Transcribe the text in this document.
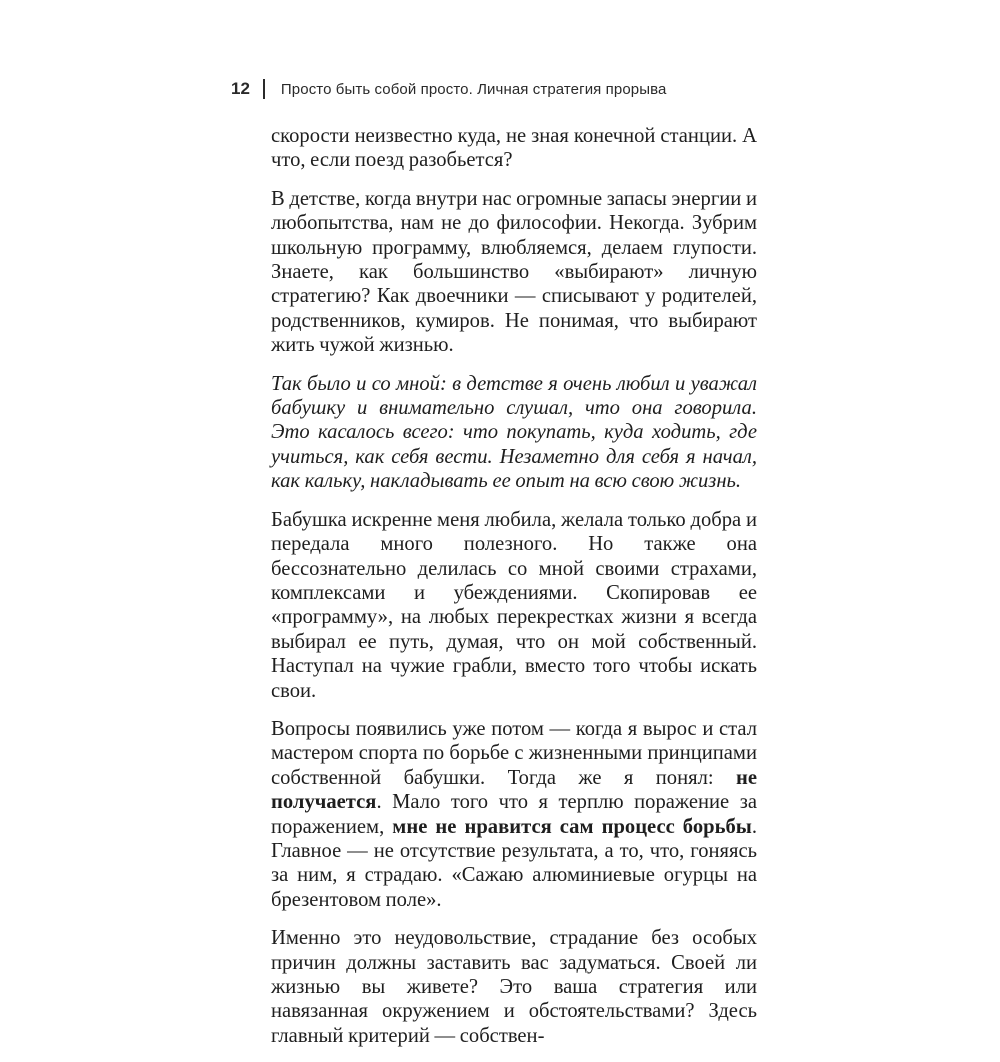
12 Просто быть собой просто. Личная стратегия прорыва

скорости неизвестно куда, не зная конечной станции. А что, если поезд разобьется?

В детстве, когда внутри нас огромные запасы энергии и любопытства, нам не до философии. Некогда. Зубрим школьную программу, влюбляемся, делаем глупости. Знаете, как большинство «выбирают» личную стратегию? Как двоечники — списывают у родителей, родственников, кумиров. Не понимая, что выбирают жить чужой жизнью.

Так было и со мной: в детстве я очень любил и уважал бабушку и внимательно слушал, что она говорила. Это касалось всего: что покупать, куда ходить, где учиться, как себя вести. Незаметно для себя я начал, как кальку, накладывать ее опыт на всю свою жизнь.

Бабушка искренне меня любила, желала только добра и передала много полезного. Но также она бессознательно делилась со мной своими страхами, комплексами и убеждениями. Скопировав ее «программу», на любых перекрестках жизни я всегда выбирал ее путь, думая, что он мой собственный. Наступал на чужие грабли, вместо того чтобы искать свои.

Вопросы появились уже потом — когда я вырос и стал мастером спорта по борьбе с жизненными принципами собственной бабушки. Тогда же я понял: не получается. Мало того что я терплю поражение за поражением, мне не нравится сам процесс борьбы. Главное — не отсутствие результата, а то, что, гоняясь за ним, я страдаю. «Сажаю алюминиевые огурцы на брезентовом поле».

Именно это неудовольствие, страдание без особых причин должны заставить вас задуматься. Своей ли жизнью вы живете? Это ваша стратегия или навязанная окружением и обстоятельствами? Здесь главный критерий — собствен-
